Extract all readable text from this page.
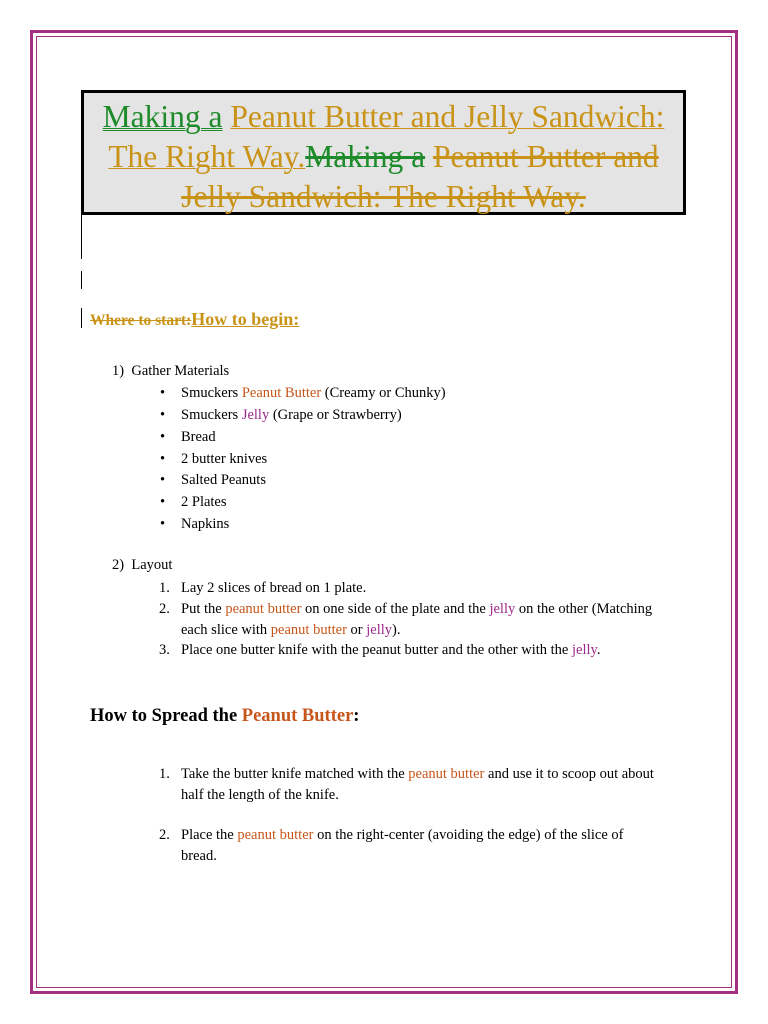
Making a Peanut Butter and Jelly Sandwich: The Right Way.Making a Peanut Butter and Jelly Sandwich: The Right Way.
Where to start:How to begin:
1) Gather Materials
• Smuckers Peanut Butter (Creamy or Chunky)
• Smuckers Jelly (Grape or Strawberry)
• Bread
• 2 butter knives
• Salted Peanuts
• 2 Plates
• Napkins
2) Layout
1. Lay 2 slices of bread on 1 plate.
2. Put the peanut butter on one side of the plate and the jelly on the other (Matching
each slice with peanut butter or jelly).
3. Place one butter knife with the peanut butter and the other with the jelly.
How to Spread the Peanut Butter:
1. Take the butter knife matched with the peanut butter and use it to scoop out about
half the length of the knife.
2. Place the peanut butter on the right-center (avoiding the edge) of the slice of
bread.
